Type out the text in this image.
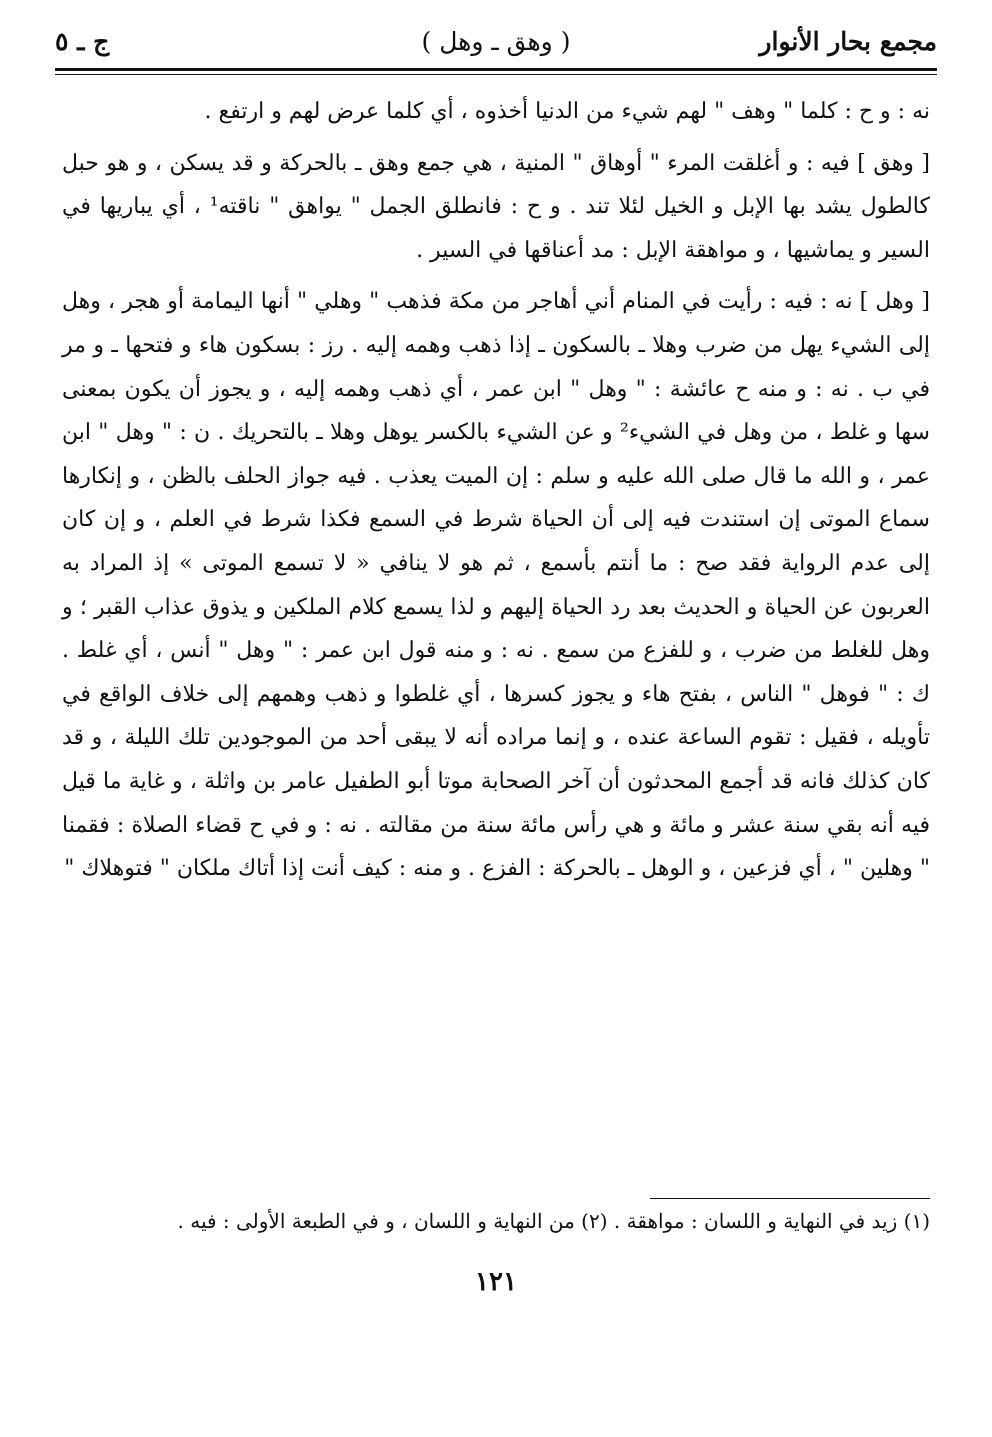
مجمع بحار الأنوار
( وهق ـ وهل )
ج ـ ٥

نه : و ح : كلما " وهف " لهم شيء من الدنيا أخذوه ، أي كلما عرض لهم و ارتفع .

[ وهق ] فيه : و أغلقت المرء " أوهاق " المنية ، هي جمع وهق ـ بالحركة و قد يسكن ، و هو حبل كالطول يشد بها الإبل و الخيل لئلا تند . و ح : فانطلق الجمل " يواهق " ناقته¹ ، أي يباريها في السير و يماشيها ، و مواهقة الإبل : مد أعناقها في السير .

[ وهل ] نه : فيه : رأيت في المنام أني أهاجر من مكة فذهب " وهلي " أنها اليمامة أو هجر ، وهل إلى الشيء يهل من ضرب وهلا ـ بالسكون ـ إذا ذهب وهمه إليه . رز : بسكون هاء و فتحها ـ و مر في ب . نه : و منه ح عائشة : " وهل " ابن عمر ، أي ذهب وهمه إليه ، و يجوز أن يكون بمعنى سها و غلط ، من وهل في الشيء² و عن الشيء بالكسر يوهل وهلا ـ بالتحريك . ن : " وهل " ابن عمر ، و الله ما قال صلى الله عليه و سلم : إن الميت يعذب . فيه جواز الحلف بالظن ، و إنكارها سماع الموتى إن استندت فيه إلى أن الحياة شرط في السمع فكذا شرط في العلم ، و إن كان إلى عدم الرواية فقد صح : ما أنتم بأسمع ، ثم هو لا ينافي « لا تسمع الموتى » إذ المراد به العربون عن الحياة و الحديث بعد رد الحياة إليهم و لذا يسمع كلام الملكين و يذوق عذاب القبر ؛ و وهل للغلط من ضرب ، و للفزع من سمع . نه : و منه قول ابن عمر : " وهل " أنس ، أي غلط . ك : " فوهل " الناس ، بفتح هاء و يجوز كسرها ، أي غلطوا و ذهب وهمهم إلى خلاف الواقع في تأويله ، فقيل : تقوم الساعة عنده ، و إنما مراده أنه لا يبقى أحد من الموجودين تلك الليلة ، و قد كان كذلك فانه قد أجمع المحدثون أن آخر الصحابة موتا أبو الطفيل عامر بن واثلة ، و غاية ما قيل فيه أنه بقي سنة عشر و مائة و هي رأس مائة سنة من مقالته . نه : و في ح قضاء الصلاة : فقمنا " وهلين " ، أي فزعين ، و الوهل ـ بالحركة : الفزع . و منه : كيف أنت إذا أتاك ملكان " فتوهلاك "

(١) زيد في النهاية و اللسان : مواهقة . (٢) من النهاية و اللسان ، و في الطبعة الأولى : فيه .
١٢١
